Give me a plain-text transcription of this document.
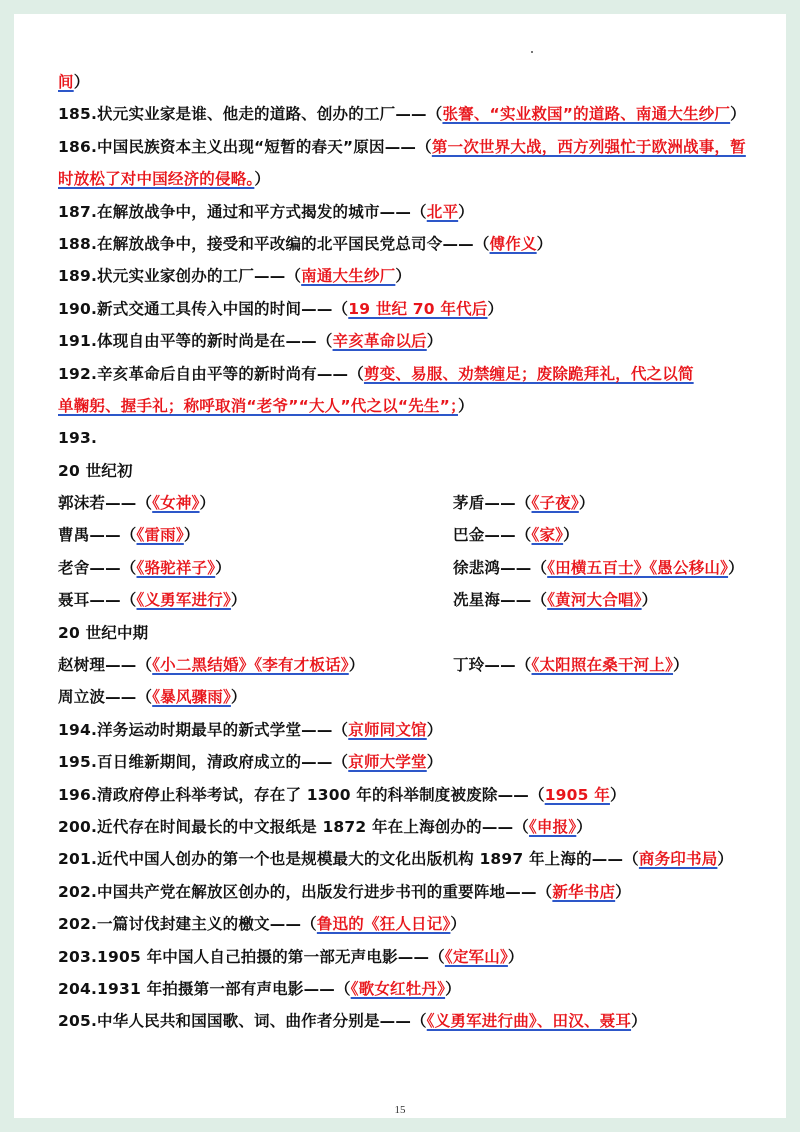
间）
185.状元实业家是谁、他走的道路、创办的工厂——（张謇、“实业救国”的道路、南通大生纱厂）
186.中国民族资本主义出现“短暂的春天”原因——（第一次世界大战，西方列强忙于欧洲战事，暂
时放松了对中国经济的侵略。）
187.在解放战争中，通过和平方式揭发的城市——（北平）
188.在解放战争中，接受和平改编的北平国民党总司令——（傅作义）
189.状元实业家创办的工厂——（南通大生纱厂）
190.新式交通工具传入中国的时间——（19 世纪 70 年代后）
191.体现自由平等的新时尚是在——（辛亥革命以后）
192.辛亥革命后自由平等的新时尚有——（剪变、易服、劝禁缠足；废除跪拜礼，代之以简
单鞠躬、握手礼；称呼取消“老爷”“大人”代之以“先生”；）
193.
20 世纪初
郭沫若——（《女神》）	茅盾——（《子夜》）
曹禺——（《雷雨》）	巴金——（《家》）
老舍——（《骆驼祥子》）	徐悲鸿——（《田横五百士》《愚公移山》）
聂耳——（《义勇军进行》）	冼星海——（《黄河大合唱》）
20 世纪中期
赵树理——（《小二黑结婚》《李有才板话》）	丁玲——（《太阳照在桑干河上》）
周立波——（《暴风骤雨》）
194.洋务运动时期最早的新式学堂——（京师同文馆）
195.百日维新期间，清政府成立的——（京师大学堂）
196.清政府停止科举考试，存在了 1300 年的科举制度被废除——（1905 年）
200.近代存在时间最长的中文报纸是 1872 年在上海创办的——（《申报》）
201.近代中国人创办的第一个也是规模最大的文化出版机构 1897 年上海的——（商务印书局）
202.中国共产党在解放区创办的，出版发行进步书刊的重要阵地——（新华书店）
202.一篇讨伐封建主义的檄文——（鲁迅的《狂人日记》）
203.1905 年中国人自己拍摄的第一部无声电影——（《定军山》）
204.1931 年拍摄第一部有声电影——（《歌女红牡丹》）
205.中华人民共和国国歌、词、曲作者分别是——（《义勇军进行曲》、田汉、聂耳）
15
